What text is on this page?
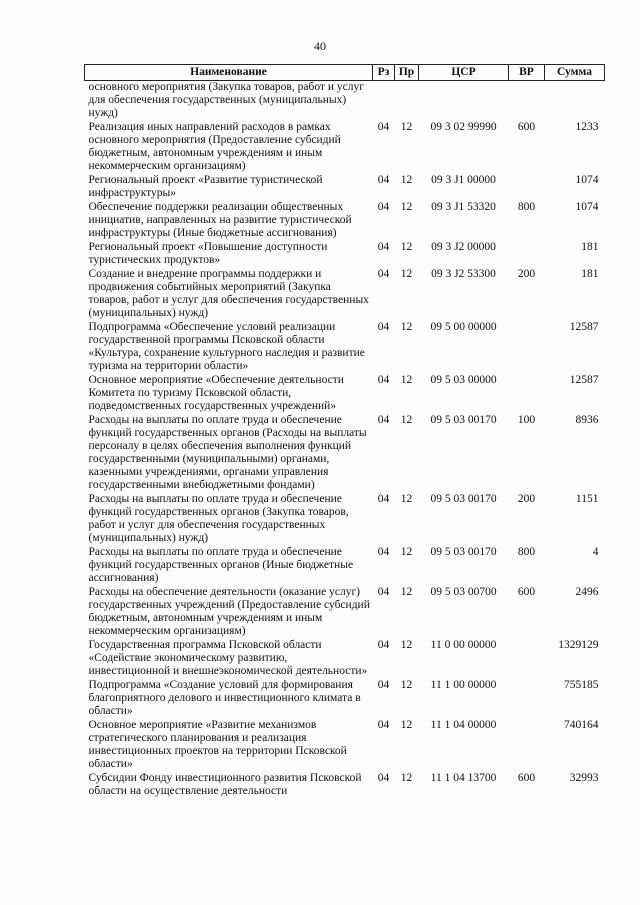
40
Наименование	Рз	Пр	ЦСР	ВР	Сумма
основного мероприятия (Закупка товаров, работ и услуг для обеспечения государственных (муниципальных) нужд)					
Реализация иных направлений расходов в рамках основного мероприятия (Предоставление субсидий бюджетным, автономным учреждениям и иным некоммерческим организациям)	04	12	09 3 02 99990	600	1233
Региональный проект «Развитие туристической инфраструктуры»	04	12	09 3 J1 00000		1074
Обеспечение поддержки реализации общественных инициатив, направленных на развитие туристической инфраструктуры (Иные бюджетные ассигнования)	04	12	09 3 J1 53320	800	1074
Региональный проект «Повышение доступности туристических продуктов»	04	12	09 3 J2 00000		181
Создание и внедрение программы поддержки и продвижения событийных мероприятий (Закупка товаров, работ и услуг для обеспечения государственных (муниципальных) нужд)	04	12	09 3 J2 53300	200	181
Подпрограмма «Обеспечение условий реализации государственной программы Псковской области «Культура, сохранение культурного наследия и развитие туризма на территории области»	04	12	09 5 00 00000		12587
Основное мероприятие «Обеспечение деятельности Комитета по туризму Псковской области, подведомственных государственных учреждений»	04	12	09 5 03 00000		12587
Расходы на выплаты по оплате труда и обеспечение функций государственных органов (Расходы на выплаты персоналу в целях обеспечения выполнения функций государственными (муниципальными) органами, казенными учреждениями, органами управления государственными внебюджетными фондами)	04	12	09 5 03 00170	100	8936
Расходы на выплаты по оплате труда и обеспечение функций государственных органов (Закупка товаров, работ и услуг для обеспечения государственных (муниципальных) нужд)	04	12	09 5 03 00170	200	1151
Расходы на выплаты по оплате труда и обеспечение функций государственных органов (Иные бюджетные ассигнования)	04	12	09 5 03 00170	800	4
Расходы на обеспечение деятельности (оказание услуг) государственных учреждений (Предоставление субсидий бюджетным, автономным учреждениям и иным некоммерческим организациям)	04	12	09 5 03 00700	600	2496
Государственная программа Псковской области «Содействие экономическому развитию, инвестиционной и внешнеэкономической деятельности»	04	12	11 0 00 00000		1329129
Подпрограмма «Создание условий для формирования благоприятного делового и инвестиционного климата в области»	04	12	11 1 00 00000		755185
Основное мероприятие «Развитие механизмов стратегического планирования и реализация инвестиционных проектов на территории Псковской области»	04	12	11 1 04 00000		740164
Субсидии Фонду инвестиционного развития Псковской области на осуществление деятельности	04	12	11 1 04 13700	600	32993
